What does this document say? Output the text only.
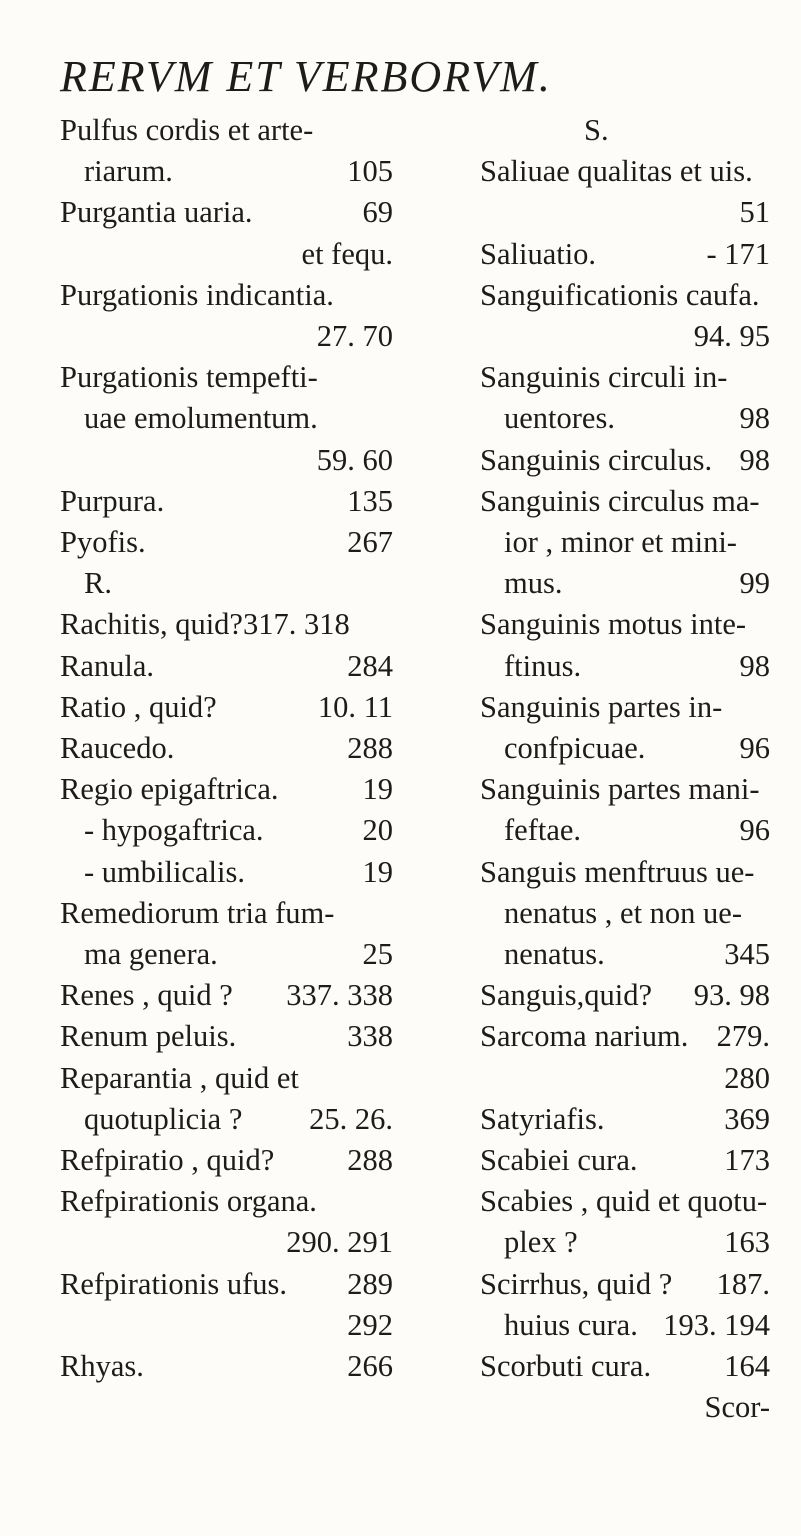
RERVM ET VERBORVM.
Pulfus cordis et arte-
riarum.	105
Purgantia uaria.	69
et fequ.
Purgationis indicantia.
27. 70
Purgationis tempefti-
uae emolumentum.
59. 60
Purpura.	135
Pyofis.	267
R.
Rachitis, quid?317. 318
Ranula.	284
Ratio , quid?	10. 11
Raucedo.	288
Regio epigaftrica.	19
- hypogaftrica.	20
- umbilicalis.	19
Remediorum tria fum-
ma genera.	25
Renes , quid ?	337. 338
Renum peluis.	338
Reparantia , quid et
quotuplicia ?	25. 26.
Refpiratio , quid?	288
Refpirationis organa.
290. 291
Refpirationis ufus.	289
292
Rhyas.	266
S.
Saliuae qualitas et uis.
51
Saliuatio.	- 171
Sanguificationis caufa.
94. 95
Sanguinis circuli in-
uentores.	98
Sanguinis circulus. 98
Sanguinis circulus ma-
ior , minor et mini-
mus.	99
Sanguinis motus inte-
ftinus.	98
Sanguinis partes in-
confpicuae.	96
Sanguinis partes mani-
feftae.	96
Sanguis menftruus ue-
nenatus , et non ue-
nenatus.	345
Sanguis,quid?	93. 98
Sarcoma narium. 279.
280
Satyriafis.	369
Scabiei cura.	173
Scabies , quid et quotu-
plex ?	163
Scirrhus, quid ?	187.
huius cura. 193. 194
Scorbuti cura.	164
Scor-
